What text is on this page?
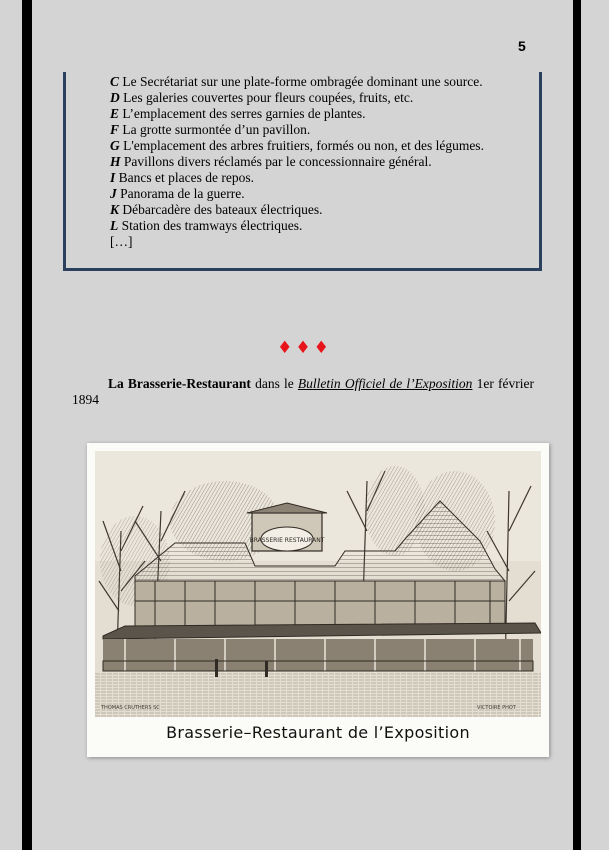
5
C Le Secrétariat sur une plate-forme ombragée dominant une source.
D Les galeries couvertes pour fleurs coupées, fruits, etc.
E L’emplacement des serres garnies de plantes.
F La grotte surmontée d’un pavillon.
G L'emplacement des arbres fruitiers, formés ou non, et des légumes.
H Pavillons divers réclamés par le concessionnaire général.
I Bancs et places de repos.
J Panorama de la guerre.
K Débarcadère des bateaux électriques.
L Station des tramways électriques.
[…]
♦♦♦

La Brasserie-Restaurant dans le Bulletin Officiel de l’Exposition 1er février 1894

BRASSERIE RESTAURANT
THOMAS CRUTHERS SC	VICTOIRE PHOT
Brasserie–Restaurant de l’Exposition
